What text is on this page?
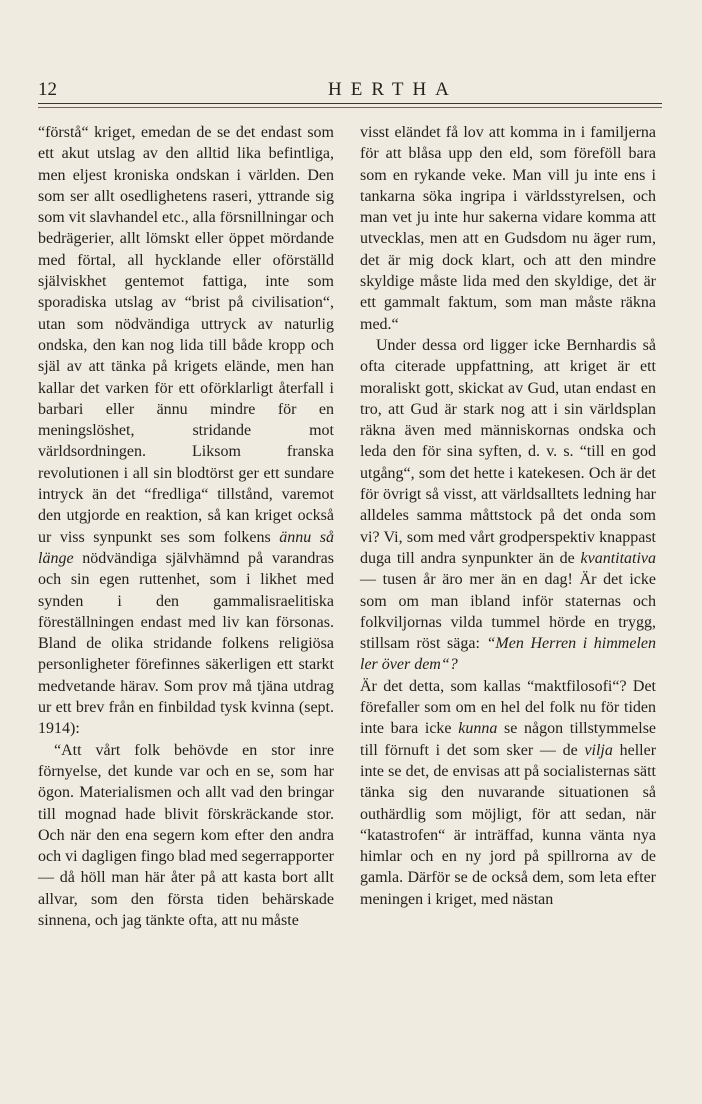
12	HERTHA

“förstå“ kriget, emedan de se det endast som ett akut utslag av den alltid lika befintliga, men eljest kroniska ondskan i världen. Den som ser allt osedlighetens raseri, yttrande sig som vit slavhandel etc., alla försnillningar och bedrägerier, allt lömskt eller öppet mördande med förtal, all hycklande eller oförställd själviskhet gentemot fattiga, inte som sporadiska utslag av “brist på civilisation“, utan som nödvändiga uttryck av naturlig ondska, den kan nog lida till både kropp och själ av att tänka på krigets elände, men han kallar det varken för ett oförklarligt återfall i barbari eller ännu mindre för en meningslöshet, stridande mot världsordningen. Liksom franska revolutionen i all sin blodtörst ger ett sundare intryck än det “fredliga“ tillstånd, varemot den utgjorde en reaktion, så kan kriget också ur viss synpunkt ses som folkens ännu så länge nödvändiga självhämnd på varandras och sin egen ruttenhet, som i likhet med synden i den gammalisraelitiska föreställningen endast med liv kan försonas. Bland de olika stridande folkens religiösa personligheter förefinnes säkerligen ett starkt medvetande härav. Som prov må tjäna utdrag ur ett brev från en finbildad tysk kvinna (sept. 1914):

“Att vårt folk behövde en stor inre förnyelse, det kunde var och en se, som har ögon. Materialismen och allt vad den bringar till mognad hade blivit förskräckande stor. Och när den ena segern kom efter den andra och vi dagligen fingo blad med segerrapporter — då höll man här åter på att kasta bort allt allvar, som den första tiden behärskade sinnena, och jag tänkte ofta, att nu måste

visst eländet få lov att komma in i familjerna för att blåsa upp den eld, som föreföll bara som en rykande veke. Man vill ju inte ens i tankarna söka ingripa i världsstyrelsen, och man vet ju inte hur sakerna vidare komma att utvecklas, men att en Gudsdom nu äger rum, det är mig dock klart, och att den mindre skyldige måste lida med den skyldige, det är ett gammalt faktum, som man måste räkna med.“

Under dessa ord ligger icke Bernhardis så ofta citerade uppfattning, att kriget är ett moraliskt gott, skickat av Gud, utan endast en tro, att Gud är stark nog att i sin världsplan räkna även med människornas ondska och leda den för sina syften, d. v. s. “till en god utgång“, som det hette i katekesen. Och är det för övrigt så visst, att världsalltets ledning har alldeles samma måttstock på det onda som vi? Vi, som med vårt grodperspektiv knappast duga till andra synpunkter än de kvantitativa — tusen år äro mer än en dag! Är det icke som om man ibland inför staternas och folkviljornas vilda tummel hörde en trygg, stillsam röst säga: “Men Herren i himmelen ler över dem“?

Är det detta, som kallas “maktfilosofi“? Det förefaller som om en hel del folk nu för tiden inte bara icke kunna se någon tillstymmelse till förnuft i det som sker — de vilja heller inte se det, de envisas att på socialisternas sätt tänka sig den nuvarande situationen så outhärdlig som möjligt, för att sedan, när “katastrofen“ är inträffad, kunna vänta nya himlar och en ny jord på spillrorna av de gamla. Därför se de också dem, som leta efter meningen i kriget, med nästan
